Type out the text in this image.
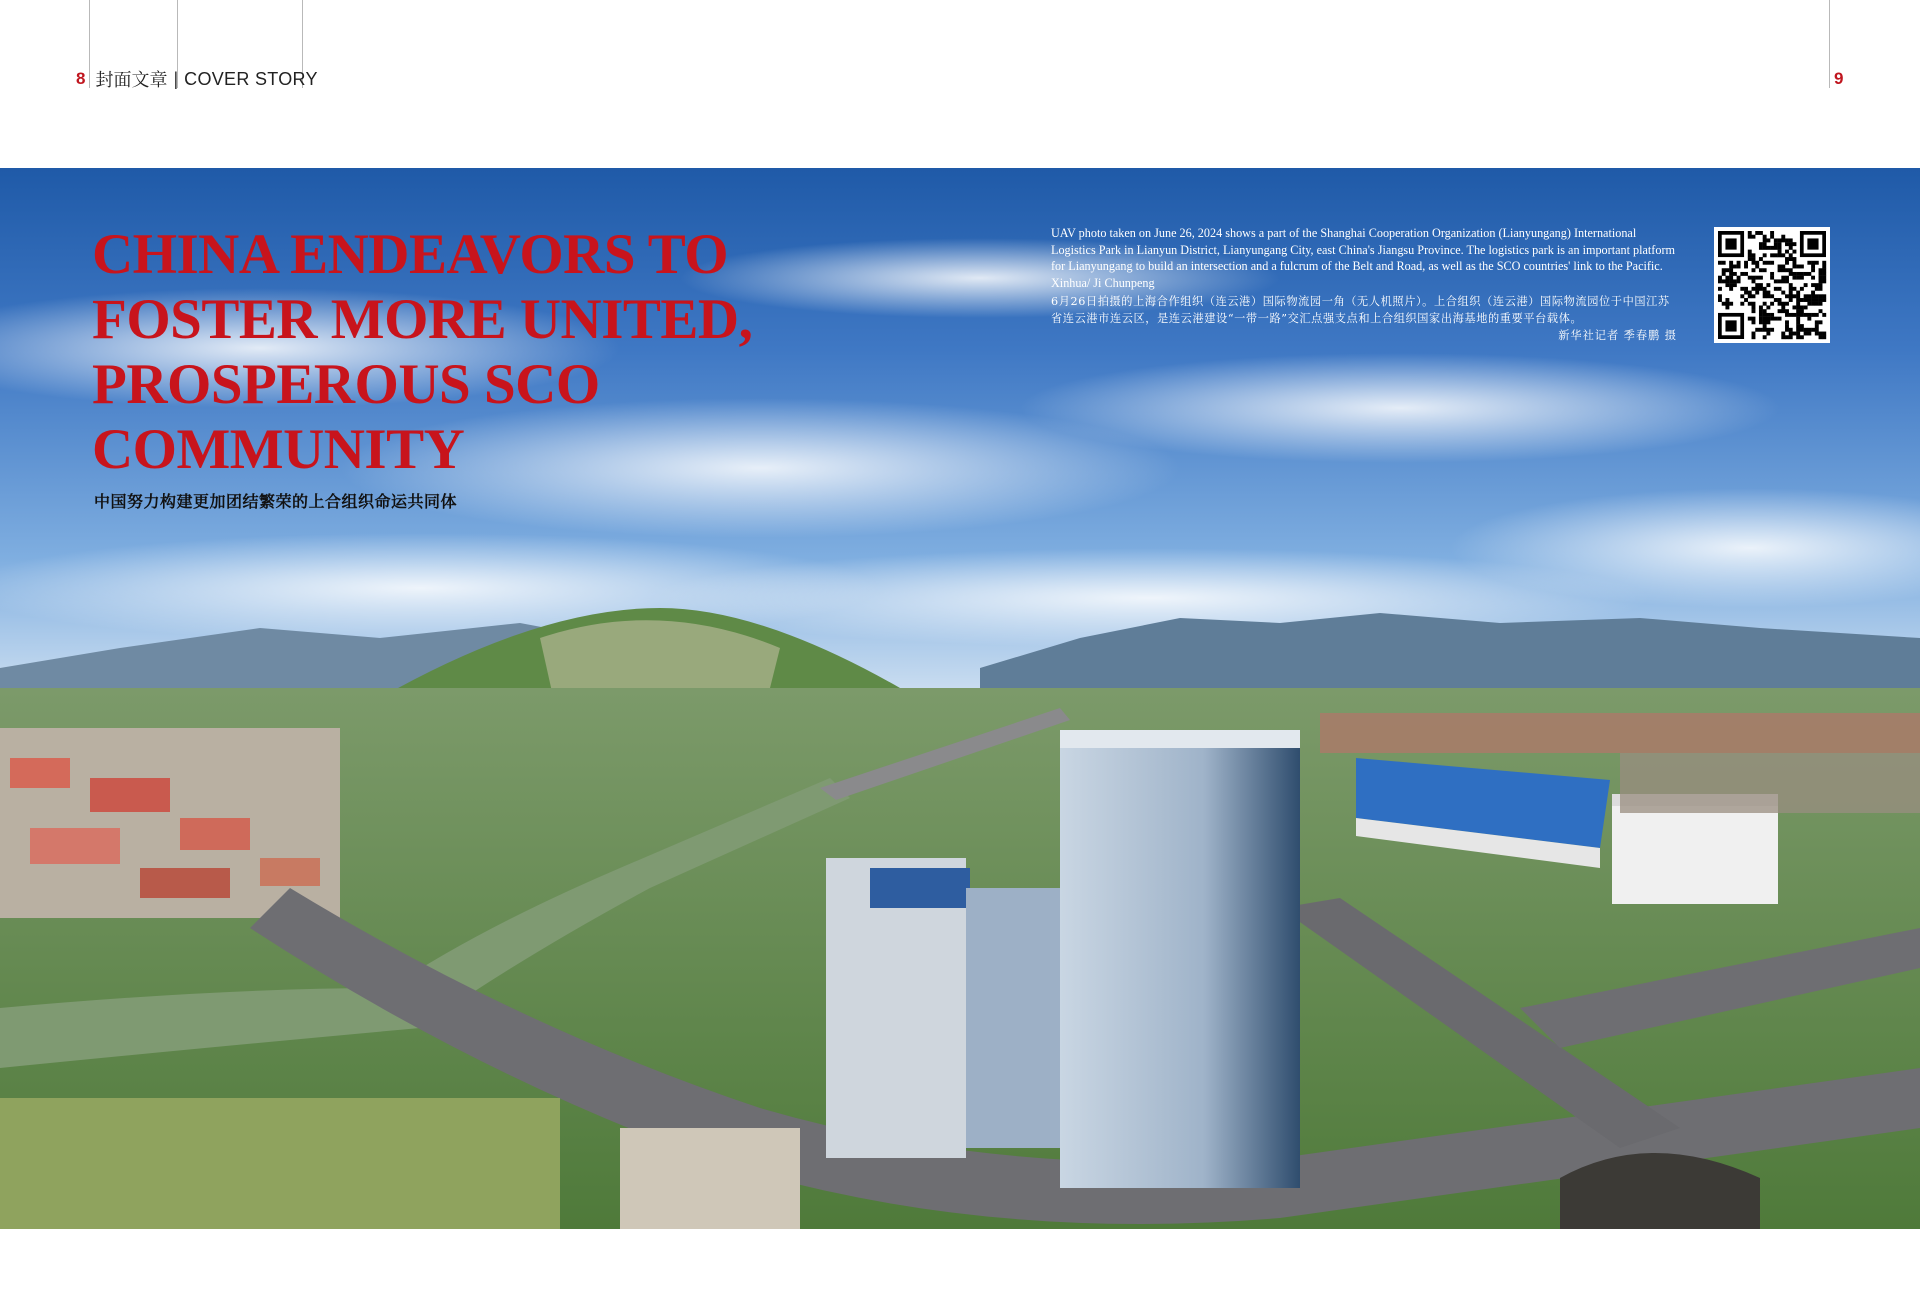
8 封面文章 | COVER STORY	9
CHINA ENDEAVORS TO FOSTER MORE UNITED, PROSPEROUS SCO COMMUNITY
中国努力构建更加团结繁荣的上合组织命运共同体

UAV photo taken on June 26, 2024 shows a part of the Shanghai Cooperation Organization (Lianyungang) International Logistics Park in Lianyun District, Lianyungang City, east China's Jiangsu Province. The logistics park is an important platform for Lianyungang to build an intersection and a fulcrum of the Belt and Road, as well as the SCO countries' link to the Pacific. Xinhua/ Ji Chunpeng

6月26日拍摄的上海合作组织（连云港）国际物流园一角（无人机照片）。上合组织（连云港）国际物流园位于中国江苏省连云港市连云区，是连云港建设“一带一路”交汇点强支点和上合组织国家出海基地的重要平台载体。

新华社记者 季春鹏 摄
